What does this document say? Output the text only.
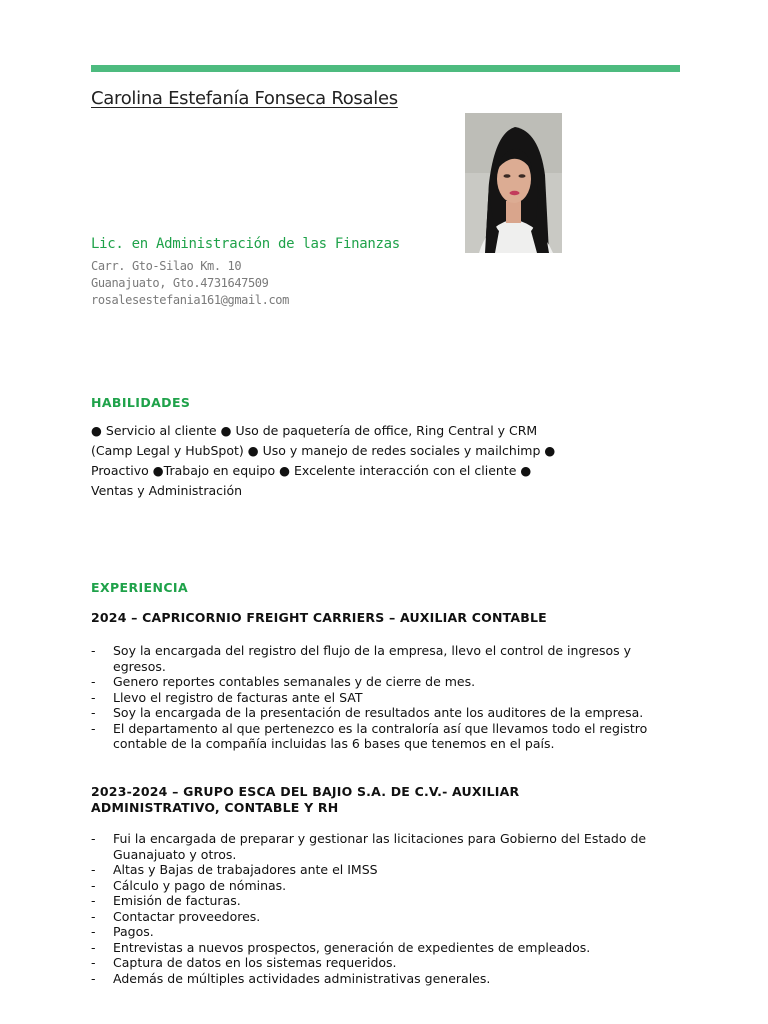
Carolina Estefanía Fonseca Rosales
Lic. en Administración de las Finanzas
Carr. Gto-Silao Km. 10
Guanajuato, Gto.4731647509
rosalesestefania161@gmail.com
HABILIDADES
● Servicio al cliente ● Uso de paquetería de office, Ring Central y CRM
(Camp Legal y HubSpot) ● Uso y manejo de redes sociales y mailchimp ●
Proactivo ●Trabajo en equipo ● Excelente interacción con el cliente ●
Ventas y Administración
EXPERIENCIA
2024 – CAPRICORNIO FREIGHT CARRIERS – AUXILIAR CONTABLE
- Soy la encargada del registro del flujo de la empresa, llevo el control de ingresos y egresos.
- Genero reportes contables semanales y de cierre de mes.
- Llevo el registro de facturas ante el SAT
- Soy la encargada de la presentación de resultados ante los auditores de la empresa.
- El departamento al que pertenezco es la contraloría así que llevamos todo el registro contable de la compañía incluidas las 6 bases que tenemos en el país.
2023-2024 – GRUPO ESCA DEL BAJIO S.A. DE C.V.- AUXILIAR
ADMINISTRATIVO, CONTABLE Y RH
- Fui la encargada de preparar y gestionar las licitaciones para Gobierno del Estado de Guanajuato y otros.
- Altas y Bajas de trabajadores ante el IMSS
- Cálculo y pago de nóminas.
- Emisión de facturas.
- Contactar proveedores.
- Pagos.
- Entrevistas a nuevos prospectos, generación de expedientes de empleados.
- Captura de datos en los sistemas requeridos.
- Además de múltiples actividades administrativas generales.
